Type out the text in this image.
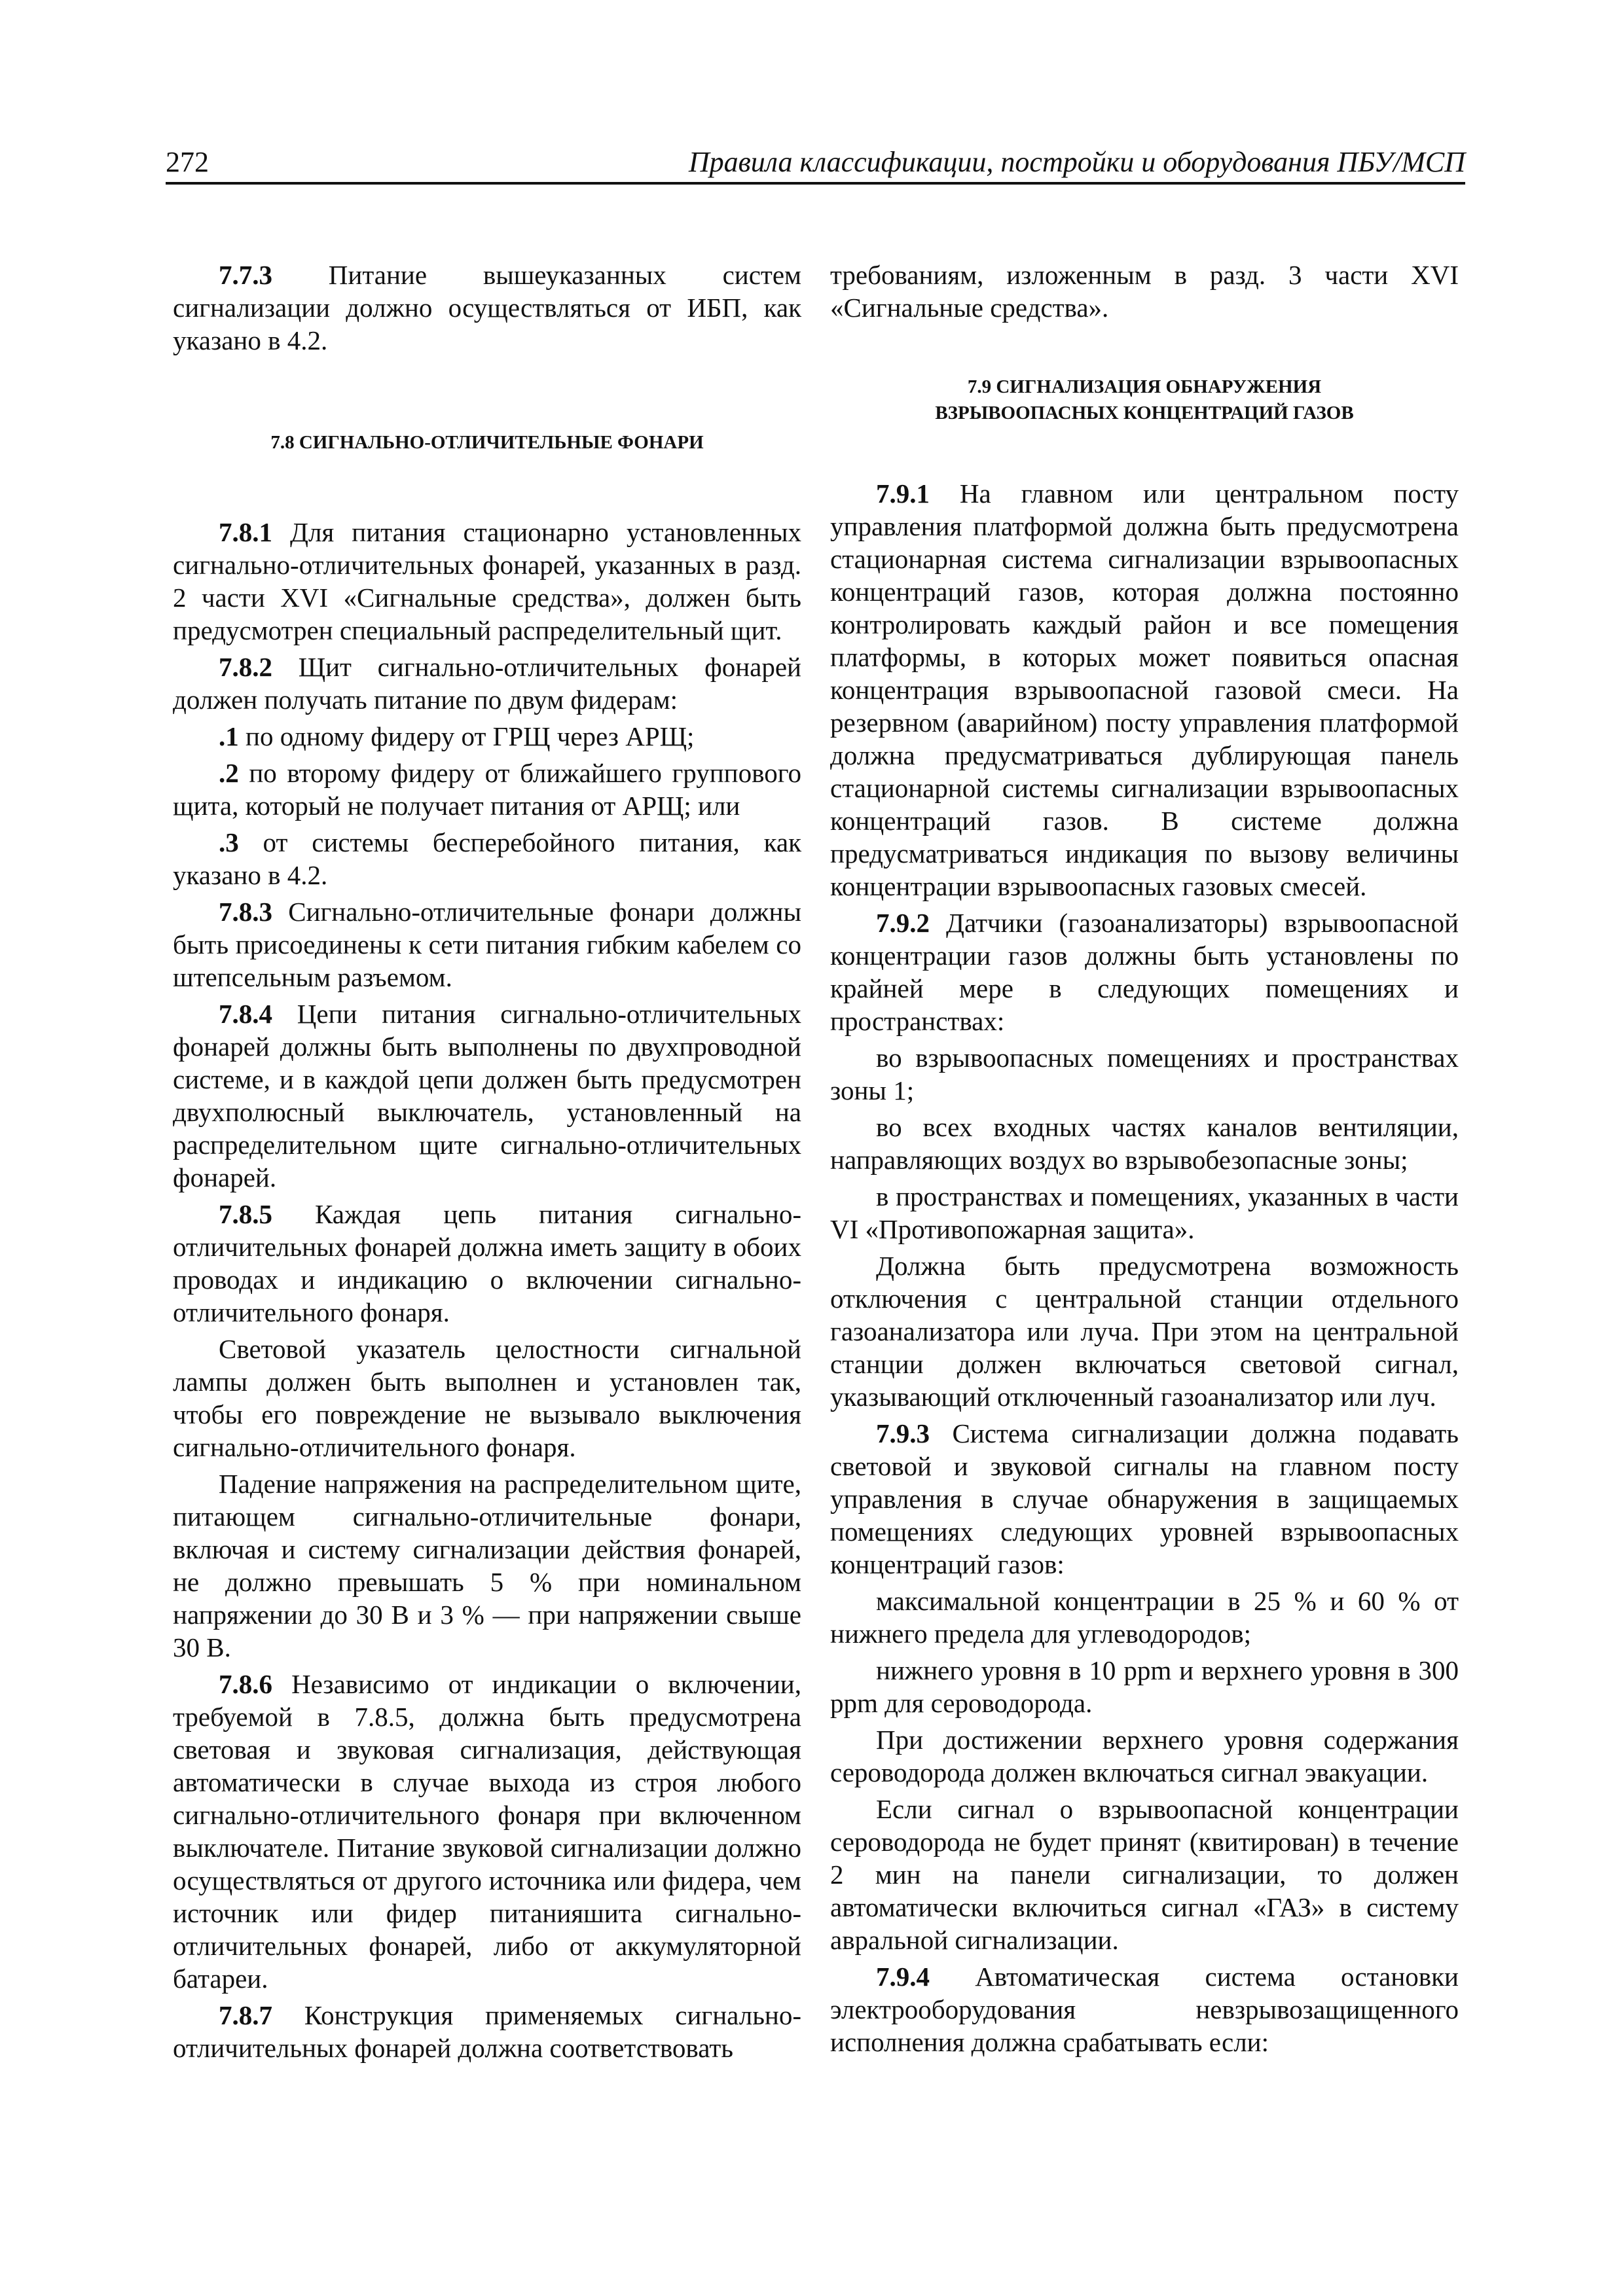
272	Правила классификации, постройки и оборудования ПБУ/МСП

7.7.3 Питание вышеуказанных систем сигнализации должно осуществляться от ИБП, как указано в 4.2.

7.8 СИГНАЛЬНО-ОТЛИЧИТЕЛЬНЫЕ ФОНАРИ

7.8.1 Для питания стационарно установленных сигнально-отличительных фонарей, указанных в разд. 2 части XVI «Сигнальные средства», должен быть предусмотрен специальный распределительный щит.

7.8.2 Щит сигнально-отличительных фонарей должен получать питание по двум фидерам:

.1 по одному фидеру от ГРЩ через АРЩ;

.2 по второму фидеру от ближайшего группового щита, который не получает питания от АРЩ; или

.3 от системы бесперебойного питания, как указано в 4.2.

7.8.3 Сигнально-отличительные фонари должны быть присоединены к сети питания гибким кабелем со штепсельным разъемом.

7.8.4 Цепи питания сигнально-отличительных фонарей должны быть выполнены по двухпроводной системе, и в каждой цепи должен быть предусмотрен двухполюсный выключатель, установленный на распределительном щите сигнально-отличительных фонарей.

7.8.5 Каждая цепь питания сигнально-отличительных фонарей должна иметь защиту в обоих проводах и индикацию о включении сигнально-отличительного фонаря.

Световой указатель целостности сигнальной лампы должен быть выполнен и установлен так, чтобы его повреждение не вызывало выключения сигнально-отличительного фонаря.

Падение напряжения на распределительном щите, питающем сигнально-отличительные фонари, включая и систему сигнализации действия фонарей, не должно превышать 5 % при номинальном напряжении до 30 В и 3 % — при напряжении свыше 30 В.

7.8.6 Независимо от индикации о включении, требуемой в 7.8.5, должна быть предусмотрена световая и звуковая сигнализация, действующая автоматически в случае выхода из строя любого сигнально-отличительного фонаря при включенном выключателе. Питание звуковой сигнализации должно осуществляться от другого источника или фидера, чем источник или фидер питанияшита сигнально-отличительных фонарей, либо от аккумуляторной батареи.

7.8.7 Конструкция применяемых сигнально-отличительных фонарей должна соответствовать

требованиям, изложенным в разд. 3 части XVI «Сигнальные средства».

7.9 СИГНАЛИЗАЦИЯ ОБНАРУЖЕНИЯ

ВЗРЫВООПАСНЫХ КОНЦЕНТРАЦИЙ ГАЗОВ

7.9.1 На главном или центральном посту управления платформой должна быть предусмотрена стационарная система сигнализации взрывоопасных концентраций газов, которая должна постоянно контролировать каждый район и все помещения платформы, в которых может появиться опасная концентрация взрывоопасной газовой смеси. На резервном (аварийном) посту управления платформой должна предусматриваться дублирующая панель стационарной системы сигнализации взрывоопасных концентраций газов. В системе должна предусматриваться индикация по вызову величины концентрации взрывоопасных газовых смесей.

7.9.2 Датчики (газоанализаторы) взрывоопасной концентрации газов должны быть установлены по крайней мере в следующих помещениях и пространствах:

во взрывоопасных помещениях и пространствах зоны 1;

во всех входных частях каналов вентиляции, направляющих воздух во взрывобезопасные зоны;

в пространствах и помещениях, указанных в части VI «Противопожарная защита».

Должна быть предусмотрена возможность отключения с центральной станции отдельного газоанализатора или луча. При этом на центральной станции должен включаться световой сигнал, указывающий отключенный газоанализатор или луч.

7.9.3 Система сигнализации должна подавать световой и звуковой сигналы на главном посту управления в случае обнаружения в защищаемых помещениях следующих уровней взрывоопасных концентраций газов:

максимальной концентрации в 25 % и 60 % от нижнего предела для углеводородов;

нижнего уровня в 10 ppm и верхнего уровня в 300 ppm для сероводорода.

При достижении верхнего уровня содержания сероводорода должен включаться сигнал эвакуации.

Если сигнал о взрывоопасной концентрации сероводорода не будет принят (квитирован) в течение 2 мин на панели сигнализации, то должен автоматически включиться сигнал «ГАЗ» в систему авральной сигнализации.

7.9.4 Автоматическая система остановки электрооборудования невзрывозащищенного исполнения должна срабатывать если:
